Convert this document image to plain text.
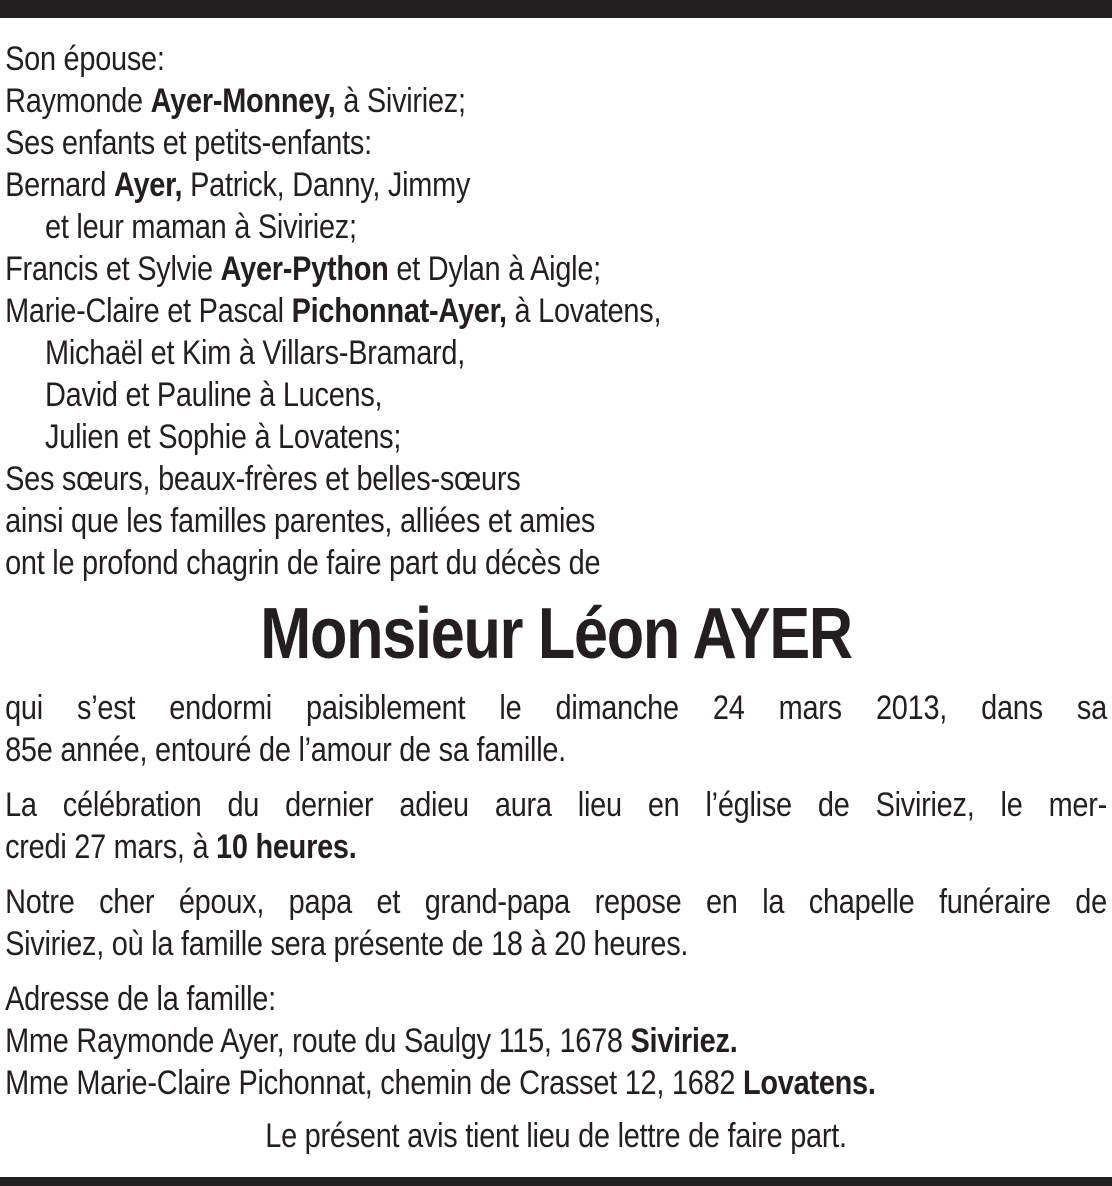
Son épouse:
Raymonde Ayer-Monney, à Siviriez;
Ses enfants et petits-enfants:
Bernard Ayer, Patrick, Danny, Jimmy
et leur maman à Siviriez;
Francis et Sylvie Ayer-Python et Dylan à Aigle;
Marie-Claire et Pascal Pichonnat-Ayer, à Lovatens,
Michaël et Kim à Villars-Bramard,
David et Pauline à Lucens,
Julien et Sophie à Lovatens;
Ses sœurs, beaux-frères et belles-sœurs
ainsi que les familles parentes, alliées et amies
ont le profond chagrin de faire part du décès de
Monsieur Léon AYER
qui s’est endormi paisiblement le dimanche 24 mars 2013, dans sa
85e année, entouré de l’amour de sa famille.
La célébration du dernier adieu aura lieu en l’église de Siviriez, le mer-
credi 27 mars, à 10 heures.
Notre cher époux, papa et grand-papa repose en la chapelle funéraire de
Siviriez, où la famille sera présente de 18 à 20 heures.
Adresse de la famille:
Mme Raymonde Ayer, route du Saulgy 115, 1678 Siviriez.
Mme Marie-Claire Pichonnat, chemin de Crasset 12, 1682 Lovatens.
Le présent avis tient lieu de lettre de faire part.
